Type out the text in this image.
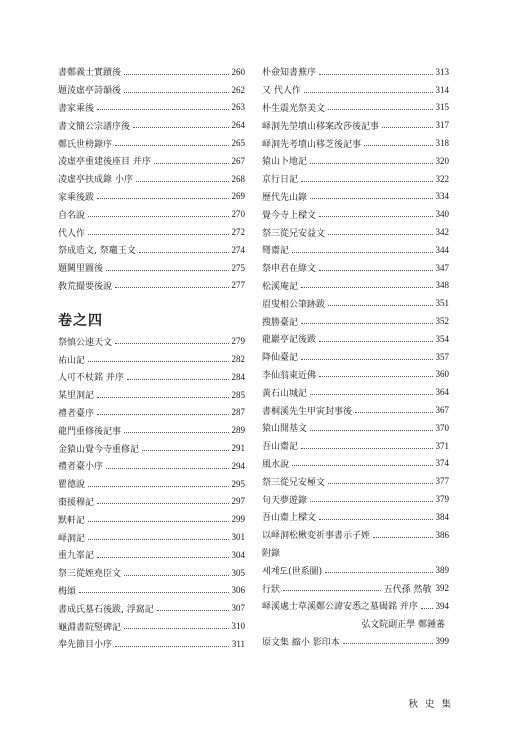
書鄭義士實蹟後	260
題淩虛亭詩韻後	262
書家乘後	263
書文簡公宗譜序後	264
鄭氏世榜錄序	265
凌虛亭重建後座目 并序	267
凌虛亭扶成錄 小序	268
家乘後跋	269
自名說	270
代人作	272
祭成造文, 祭竈王文	274
題闕里圖後	275
敎荒撮要後說	277
卷之四
祭慎公速天文	279
祐山記	282
人可不杖銘 并序	284
某里洞記	285
禮者臺序	287
龍門重修後記事	289
金猿山覺今寺重修記	291
禮者臺小序	294
瞿德說	295
棗援穆記	297
默軒記	299
峄洞記	301
重九峯記	304
祭三從姪堯臣文	305
梅頌	306
書成氏墓石後跋, 浮窩記	307
龜淵書院竪碑記	310
奉先節目小序	311
朴僉知書蕪序	313
又 代人作	314
朴生震光祭美文	315
峄洞先塋墳山移案改莎後記事	317
峄洞先考墳山移芝後記事	318
猿山卜地記	320
京行日記	322
歷代先山錄	334
覺今寺上樑文	340
祭三從兄安益文	342
彎齋記	344
祭申君在綠文	347
松溪庵記	348
眉叟相公筆跡跋	351
搜勝臺記	352
龍巖亭記後跋	354
降仙臺記	357
李仙翁東近佛	360
黃石山城記	364
書桐溪先生甲寅封事後	367
猿山開基文	370
吾山齋記	371
風水說	374
祭三從兄安極文	377
句天夢遊錄	379
吾山齋上樑文	384
以峄洞松楸変祈事書示子姪	386
附錄
세계도(世系圖)	389
行狀	五代孫 然敬 392
峄溪處士草溪鄭公諱安悉之墓碣銘 并序 394
弘文院副正學 鄭鍾蕃
原文集 縮小 影印本	399
秋 史 集
